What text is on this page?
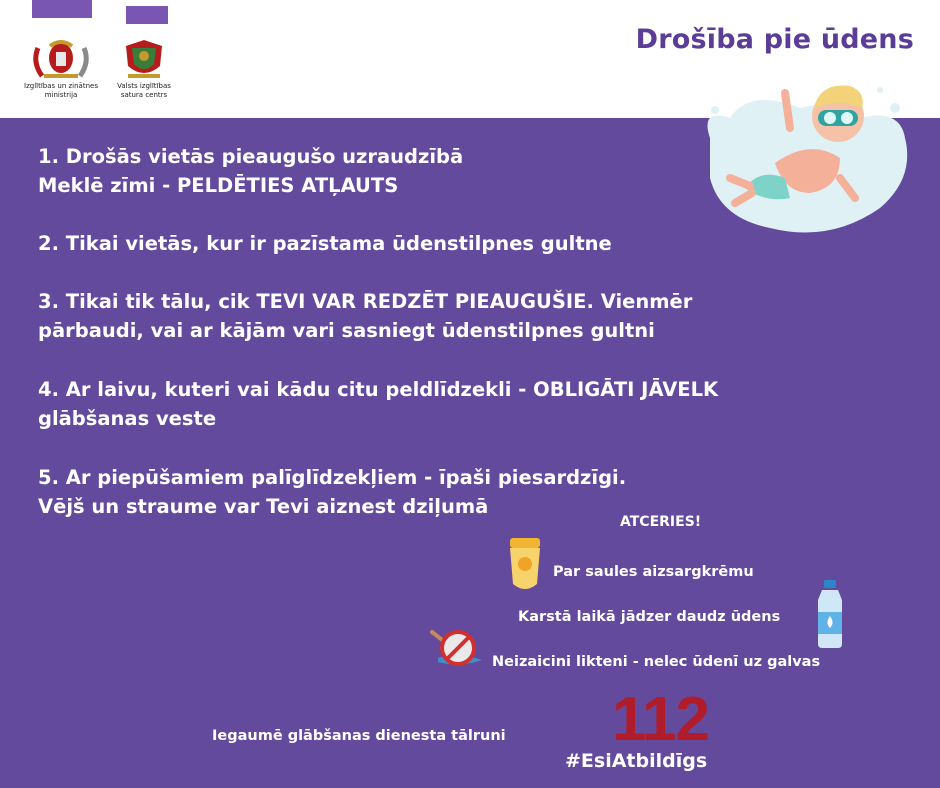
Izglītības un zinātnes
ministrija
Valsts izglītības
satura centrs
Drošība pie ūdens
1. Drošās vietās pieaugušo uzraudzībā
Meklē zīmi - PELDĒTIES ATĻAUTS
2. Tikai vietās, kur ir pazīstama ūdenstilpnes gultne
3. Tikai tik tālu, cik TEVI VAR REDZĒT PIEAUGUŠIE. Vienmēr
pārbaudi, vai ar kājām vari sasniegt ūdenstilpnes gultni
4. Ar laivu, kuteri vai kādu citu peldlīdzekli - OBLIGĀTI JĀVELK
glābšanas veste
5. Ar piepūšamiem palīglīdzekļiem - īpaši piesardzīgi.
Vējš un straume var Tevi aiznest dziļumā
ATCERIES!
Par saules aizsargkrēmu
Karstā laikā jādzer daudz ūdens
Neizaicini likteni - nelec ūdenī uz galvas
Iegaumē glābšanas dienesta tālruni 112
#EsiAtbildīgs
